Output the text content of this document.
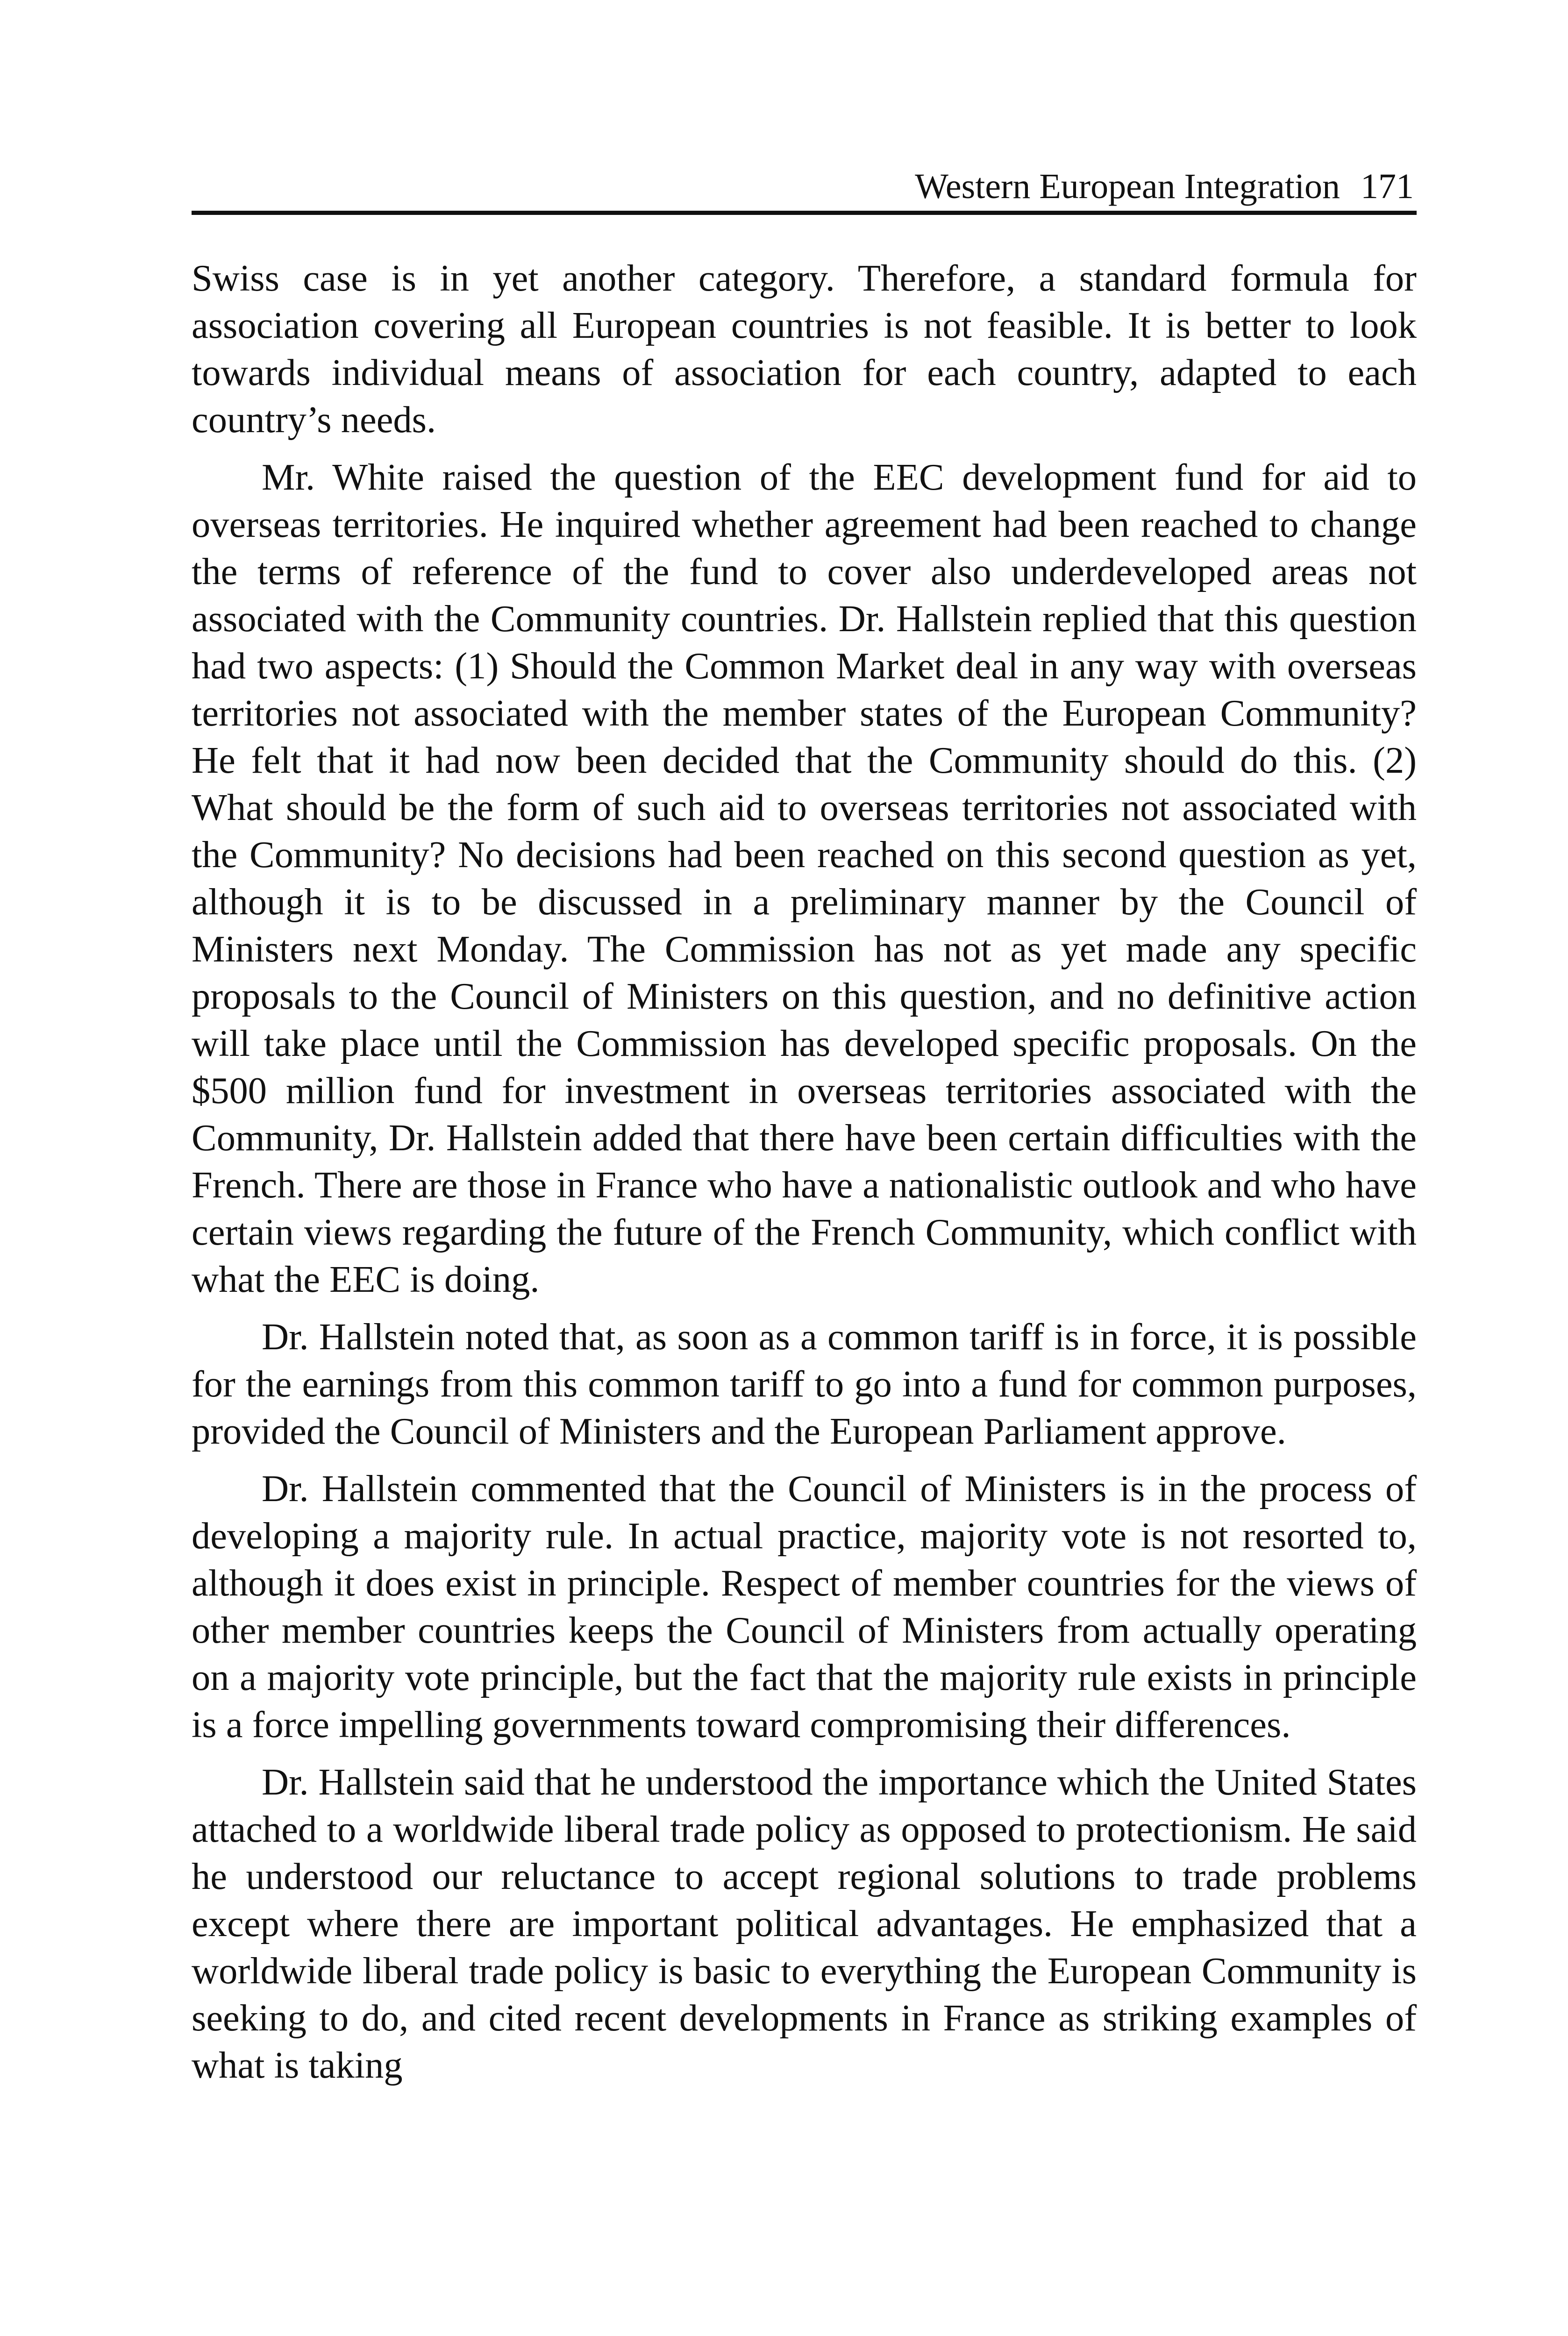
Western European Integration 171

Swiss case is in yet another category. Therefore, a standard formula for association covering all European countries is not feasible. It is better to look towards individual means of association for each country, adapted to each country’s needs.

Mr. White raised the question of the EEC development fund for aid to overseas territories. He inquired whether agreement had been reached to change the terms of reference of the fund to cover also underdeveloped areas not associated with the Community countries. Dr. Hallstein replied that this question had two aspects: (1) Should the Common Market deal in any way with overseas territories not associated with the member states of the European Community? He felt that it had now been decided that the Community should do this. (2) What should be the form of such aid to overseas territories not associated with the Community? No decisions had been reached on this second question as yet, although it is to be discussed in a preliminary manner by the Council of Ministers next Monday. The Commission has not as yet made any specific proposals to the Council of Ministers on this question, and no definitive action will take place until the Commission has developed specific proposals. On the $500 million fund for investment in overseas territories associated with the Community, Dr. Hallstein added that there have been certain difficulties with the French. There are those in France who have a nationalistic outlook and who have certain views regarding the future of the French Community, which conflict with what the EEC is doing.

Dr. Hallstein noted that, as soon as a common tariff is in force, it is possible for the earnings from this common tariff to go into a fund for common purposes, provided the Council of Ministers and the European Parliament approve.

Dr. Hallstein commented that the Council of Ministers is in the process of developing a majority rule. In actual practice, majority vote is not resorted to, although it does exist in principle. Respect of member countries for the views of other member countries keeps the Council of Ministers from actually operating on a majority vote principle, but the fact that the majority rule exists in principle is a force impelling governments toward compromising their differences.

Dr. Hallstein said that he understood the importance which the United States attached to a worldwide liberal trade policy as opposed to protectionism. He said he understood our reluctance to accept regional solutions to trade problems except where there are important political advantages. He emphasized that a worldwide liberal trade policy is basic to everything the European Community is seeking to do, and cited recent developments in France as striking examples of what is taking
